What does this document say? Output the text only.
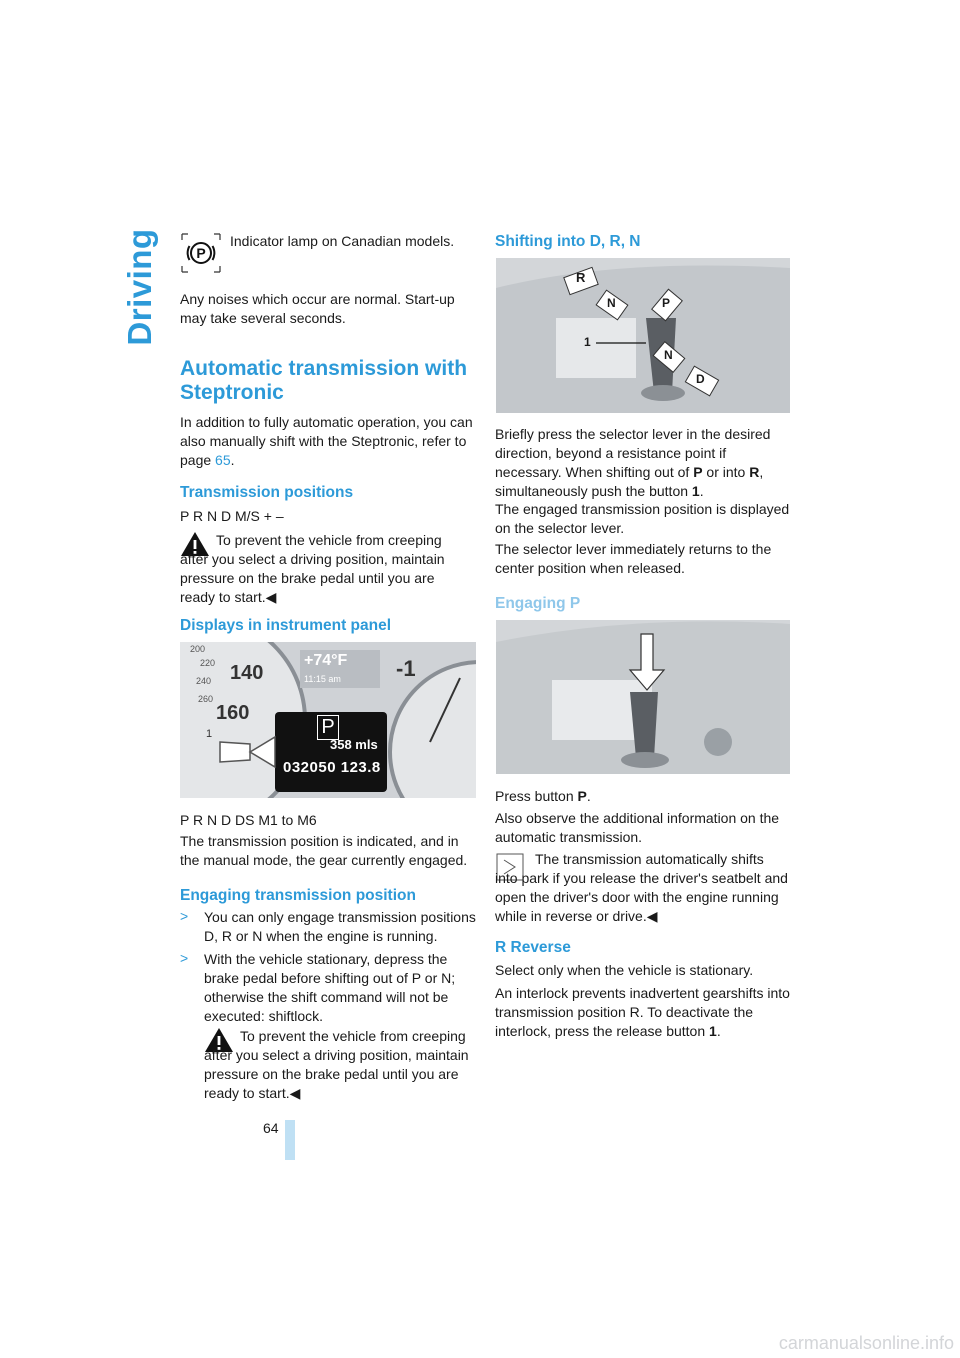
Driving	P

Indicator lamp on Canadian models.

Any noises which occur are normal. Start-up may take several seconds.

Automatic transmission with Steptronic

In addition to fully automatic operation, you can also manually shift with the Steptronic, refer to page 65.

Transmission positions

P R N D M/S + –

To prevent the vehicle from creeping after you select a driving position, maintain pressure on the brake pedal until you are ready to start.◀

Displays in instrument panel
200
220
240
260
140
160
1
+74°F
11:15 am
P
358 mls
032050 123.8
-1

P R N D DS M1 to M6

The transmission position is indicated, and in the manual mode, the gear currently engaged.

Engaging transmission position
> You can only engage transmission positions D, R or N when the engine is running.

> With the vehicle stationary, depress the brake pedal before shifting out of P or N; otherwise the shift command will not be executed: shiftlock.

To prevent the vehicle from creeping after you select a driving position, maintain pressure on the brake pedal until you are ready to start.◀

Shifting into D, R, N
R
N	P
N
D
1

Briefly press the selector lever in the desired direction, beyond a resistance point if necessary. When shifting out of P or into R, simultaneously push the button 1.

The engaged transmission position is displayed on the selector lever.

The selector lever immediately returns to the center position when released.

Engaging P

Press button P.

Also observe the additional information on the automatic transmission.

The transmission automatically shifts into park if you release the driver's seatbelt and open the driver's door with the engine running while in reverse or drive.◀

R Reverse

Select only when the vehicle is stationary.

An interlock prevents inadvertent gearshifts into transmission position R. To deactivate the interlock, press the release button 1.

64
carmanualsonline.info
